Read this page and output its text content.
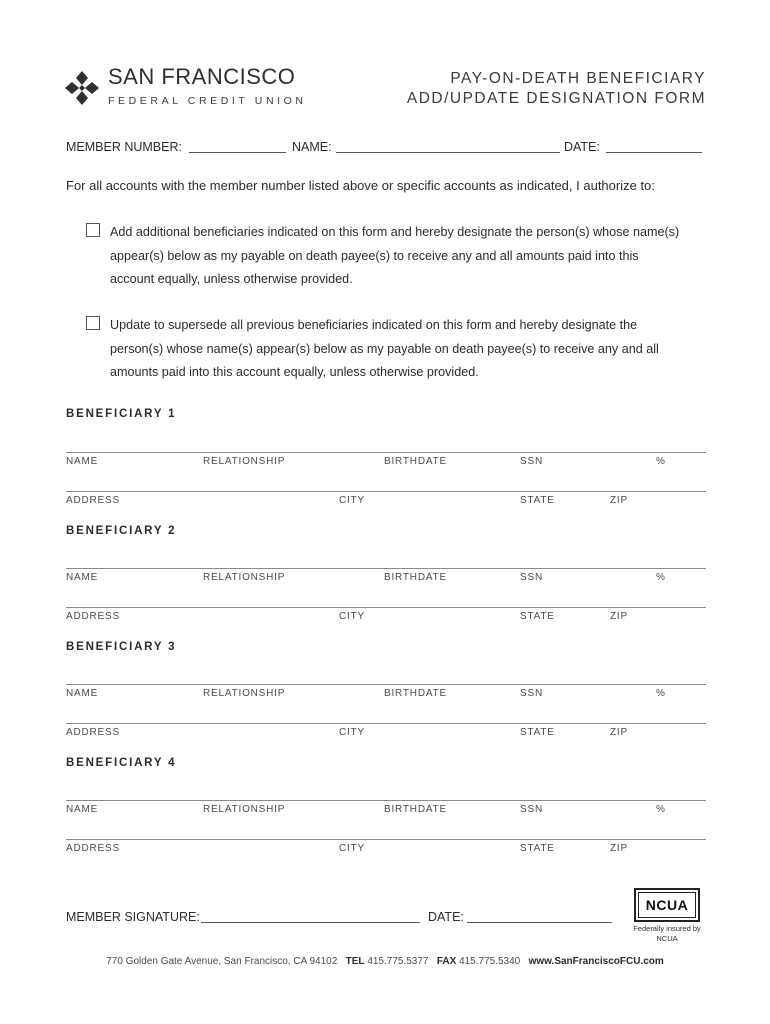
SAN FRANCISCO
FEDERAL CREDIT UNION
PAY-ON-DEATH BENEFICIARY
ADD/UPDATE DESIGNATION FORM
MEMBER NUMBER:	NAME:	DATE:
For all accounts with the member number listed above or specific accounts as indicated, I authorize to:
Add additional beneficiaries indicated on this form and hereby designate the person(s) whose name(s) appear(s) below as my payable on death payee(s) to receive any and all amounts paid into this account equally, unless otherwise provided.
Update to supersede all previous beneficiaries indicated on this form and hereby designate the person(s) whose name(s) appear(s) below as my payable on death payee(s) to receive any and all amounts paid into this account equally, unless otherwise provided.
BENEFICIARY 1
NAME	RELATIONSHIP	BIRTHDATE	SSN	%
ADDRESS	CITY	STATE	ZIP
BENEFICIARY 2
NAME	RELATIONSHIP	BIRTHDATE	SSN	%
ADDRESS	CITY	STATE	ZIP
BENEFICIARY 3
NAME	RELATIONSHIP	BIRTHDATE	SSN	%
ADDRESS	CITY	STATE	ZIP
BENEFICIARY 4
NAME	RELATIONSHIP	BIRTHDATE	SSN	%
ADDRESS	CITY	STATE	ZIP
MEMBER SIGNATURE:	DATE:
NCUA
Federally insured by NCUA
770 Golden Gate Avenue, San Francisco, CA 94102 TEL 415.775.5377 FAX 415.775.5340 www.SanFranciscoFCU.com
